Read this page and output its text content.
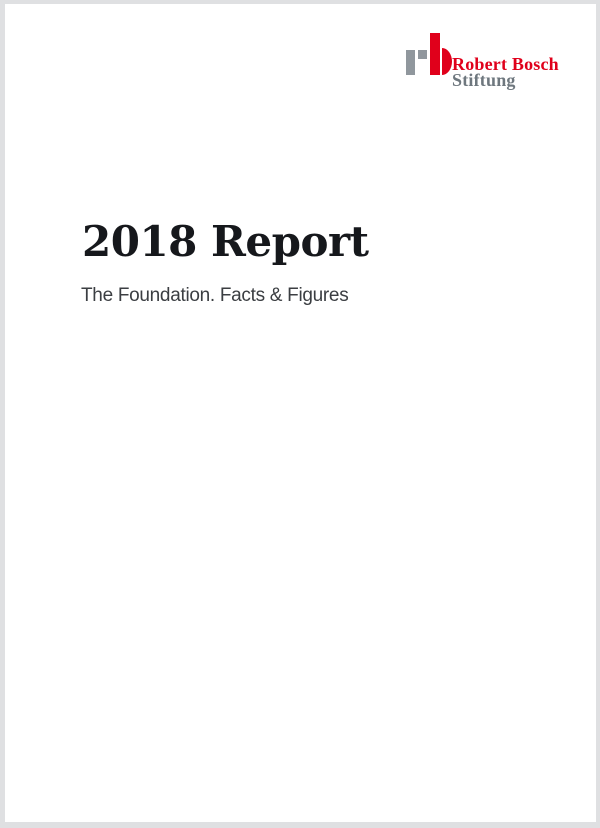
Robert Bosch
Stiftung
2018 Report

The Foundation. Facts & Figures
